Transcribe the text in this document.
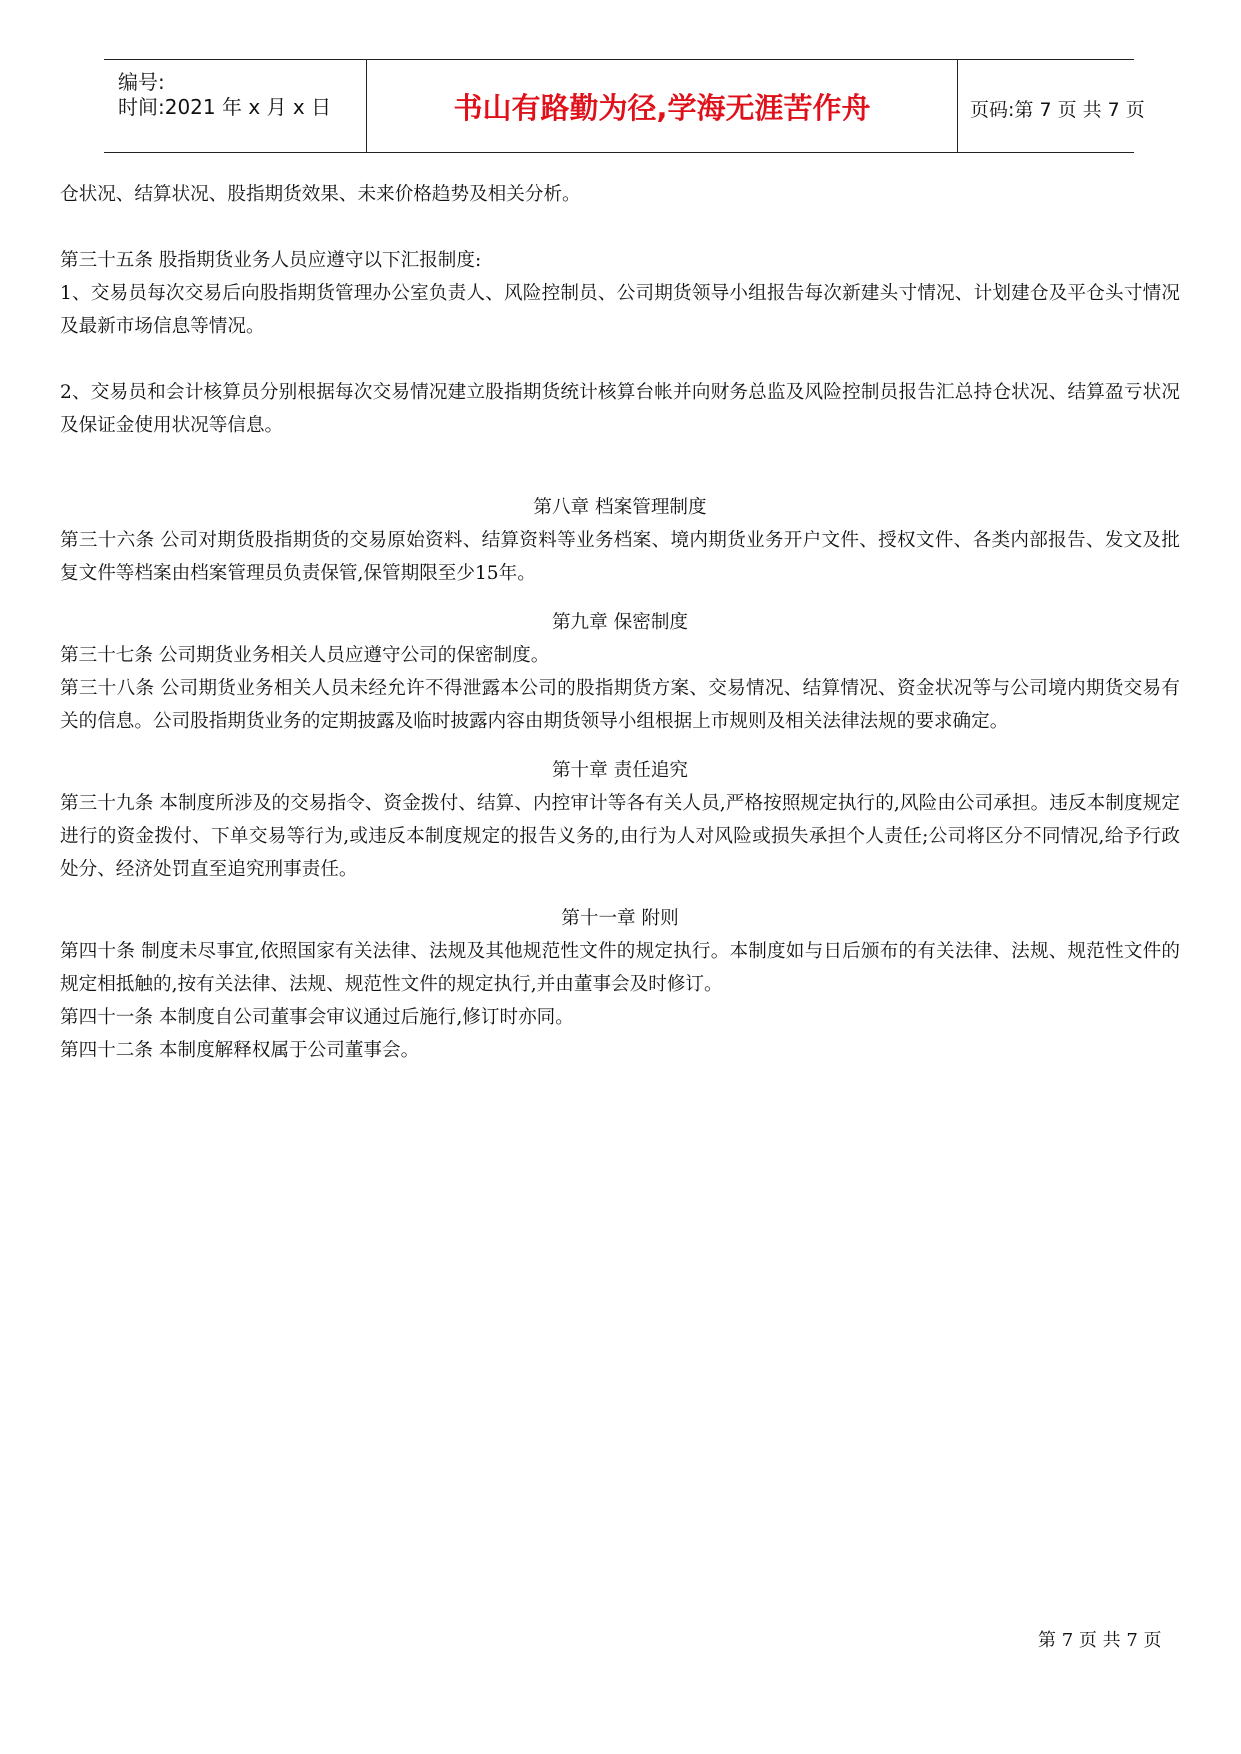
编号:
时间:2021 年 x 月 x 日	书山有路勤为径,学海无涯苦作舟	页码:第 7 页 共 7 页

仓状况、结算状况、股指期货效果、未来价格趋势及相关分析。

第三十五条 股指期货业务人员应遵守以下汇报制度:

1、交易员每次交易后向股指期货管理办公室负责人、风险控制员、公司期货领导小组报告每次新建头寸情况、计划建仓及平仓头寸情况及最新市场信息等情况。

2、交易员和会计核算员分别根据每次交易情况建立股指期货统计核算台帐并向财务总监及风险控制员报告汇总持仓状况、结算盈亏状况及保证金使用状况等信息。

第八章 档案管理制度

第三十六条 公司对期货股指期货的交易原始资料、结算资料等业务档案、境内期货业务开户文件、授权文件、各类内部报告、发文及批复文件等档案由档案管理员负责保管,保管期限至少15年。

第九章 保密制度

第三十七条 公司期货业务相关人员应遵守公司的保密制度。

第三十八条 公司期货业务相关人员未经允许不得泄露本公司的股指期货方案、交易情况、结算情况、资金状况等与公司境内期货交易有关的信息。公司股指期货业务的定期披露及临时披露内容由期货领导小组根据上市规则及相关法律法规的要求确定。

第十章 责任追究

第三十九条 本制度所涉及的交易指令、资金拨付、结算、内控审计等各有关人员,严格按照规定执行的,风险由公司承担。违反本制度规定进行的资金拨付、下单交易等行为,或违反本制度规定的报告义务的,由行为人对风险或损失承担个人责任;公司将区分不同情况,给予行政处分、经济处罚直至追究刑事责任。

第十一章 附则

第四十条 制度未尽事宜,依照国家有关法律、法规及其他规范性文件的规定执行。本制度如与日后颁布的有关法律、法规、规范性文件的规定相抵触的,按有关法律、法规、规范性文件的规定执行,并由董事会及时修订。

第四十一条 本制度自公司董事会审议通过后施行,修订时亦同。

第四十二条 本制度解释权属于公司董事会。

第 7 页 共 7 页
